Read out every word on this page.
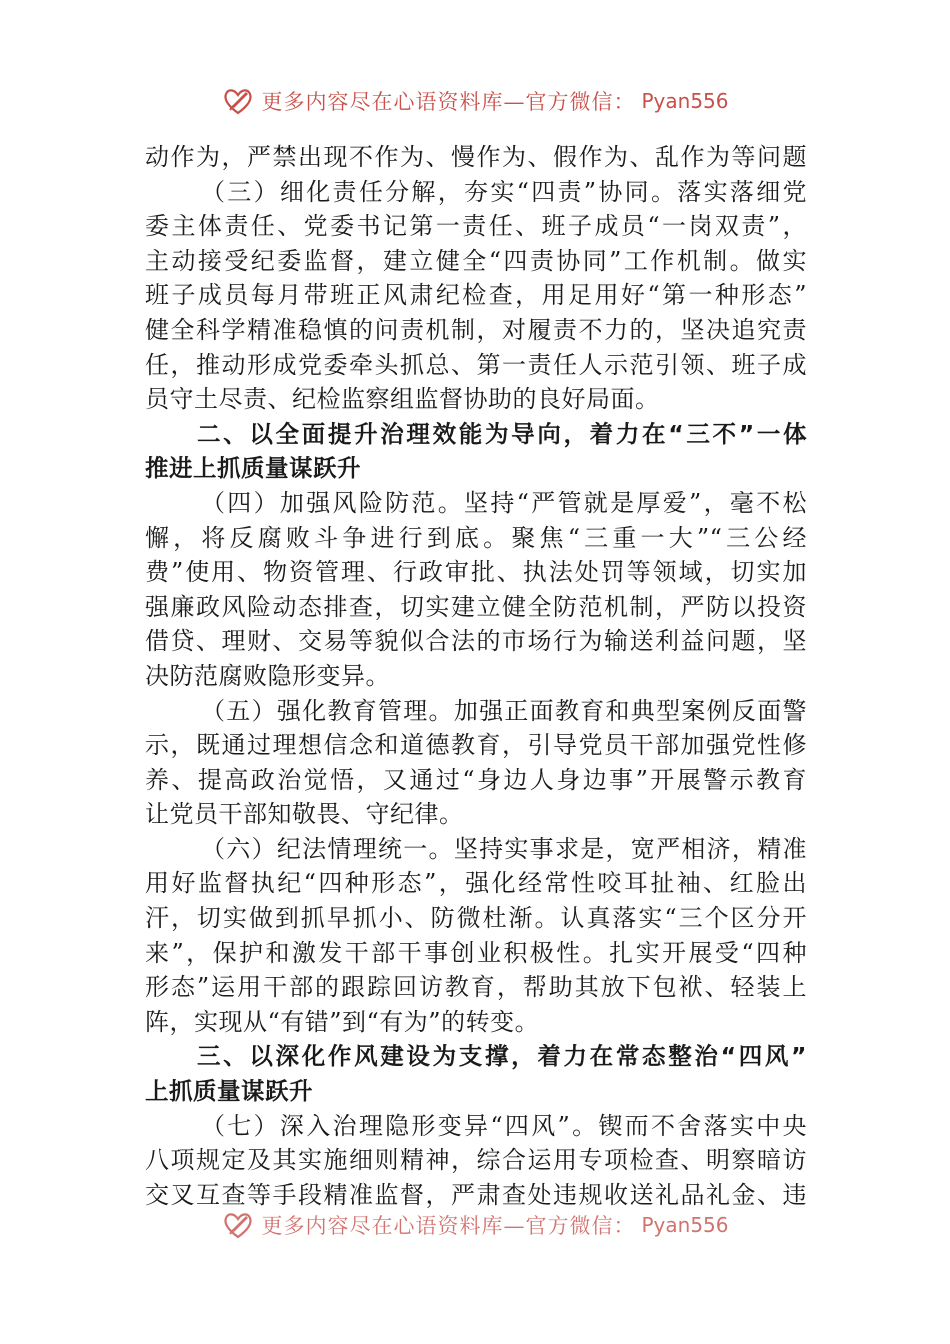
更多内容尽在心语资料库—官方微信： Pyan556
动作为，严禁出现不作为、慢作为、假作为、乱作为等问题
（三）细化责任分解，夯实“四责”协同。落实落细党
委主体责任、党委书记第一责任、班子成员“一岗双责”，
主动接受纪委监督，建立健全“四责协同”工作机制。做实
班子成员每月带班正风肃纪检查，用足用好“第一种形态”
健全科学精准稳慎的问责机制，对履责不力的，坚决追究责
任，推动形成党委牵头抓总、第一责任人示范引领、班子成
员守土尽责、纪检监察组监督协助的良好局面。
二、以全面提升治理效能为导向，着力在“三不”一体
推进上抓质量谋跃升
（四）加强风险防范。坚持“严管就是厚爱”，毫不松
懈，将反腐败斗争进行到底。聚焦“三重一大”“三公经
费”使用、物资管理、行政审批、执法处罚等领域，切实加
强廉政风险动态排查，切实建立健全防范机制，严防以投资
借贷、理财、交易等貌似合法的市场行为输送利益问题，坚
决防范腐败隐形变异。
（五）强化教育管理。加强正面教育和典型案例反面警
示，既通过理想信念和道德教育，引导党员干部加强党性修
养、提高政治觉悟，又通过“身边人身边事”开展警示教育
让党员干部知敬畏、守纪律。
（六）纪法情理统一。坚持实事求是，宽严相济，精准
用好监督执纪“四种形态”，强化经常性咬耳扯袖、红脸出
汗，切实做到抓早抓小、防微杜渐。认真落实“三个区分开
来”，保护和激发干部干事创业积极性。扎实开展受“四种
形态”运用干部的跟踪回访教育，帮助其放下包袱、轻装上
阵，实现从“有错”到“有为”的转变。
三、以深化作风建设为支撑，着力在常态整治“四风”
上抓质量谋跃升
（七）深入治理隐形变异“四风”。锲而不舍落实中央
八项规定及其实施细则精神，综合运用专项检查、明察暗访
交叉互查等手段精准监督，严肃查处违规收送礼品礼金、违
更多内容尽在心语资料库—官方微信： Pyan556
